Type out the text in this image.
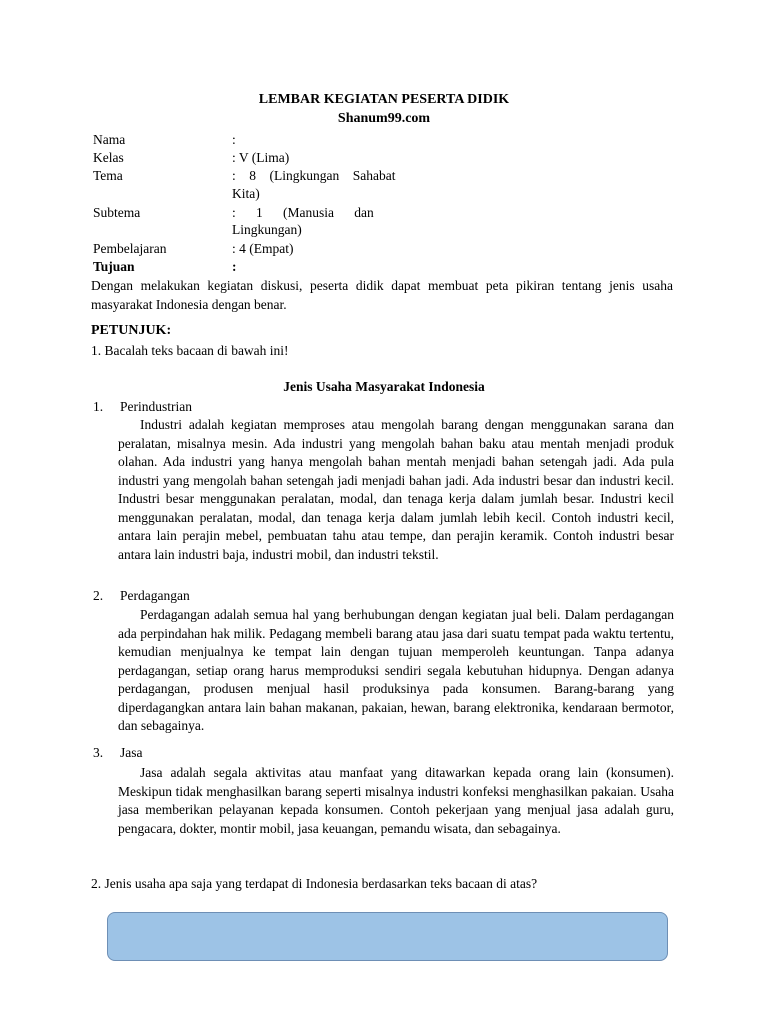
LEMBAR KEGIATAN PESERTA DIDIK
Shanum99.com
Nama	:
Kelas	: V (Lima)
Tema	:    8    (Lingkungan    Sahabat
Kita)
Subtema	:      1      (Manusia      dan
Lingkungan)
Pembelajaran	: 4 (Empat)
Tujuan	:
Dengan melakukan kegiatan diskusi, peserta didik dapat membuat peta pikiran tentang jenis usaha masyarakat Indonesia dengan benar.
PETUNJUK:
1. Bacalah teks bacaan di bawah ini!
Jenis Usaha Masyarakat Indonesia
1. Perindustrian
Industri adalah kegiatan memproses atau mengolah barang dengan menggunakan sarana dan peralatan, misalnya mesin. Ada industri yang mengolah bahan baku atau mentah menjadi produk olahan. Ada industri yang hanya mengolah bahan mentah menjadi bahan setengah jadi. Ada pula industri yang mengolah bahan setengah jadi menjadi bahan jadi. Ada industri besar dan industri kecil. Industri besar menggunakan peralatan, modal, dan tenaga kerja dalam jumlah besar. Industri kecil menggunakan peralatan, modal, dan tenaga kerja dalam jumlah lebih kecil. Contoh industri kecil, antara lain perajin mebel, pembuatan tahu atau tempe, dan perajin keramik. Contoh industri besar antara lain industri baja, industri mobil, dan industri tekstil.
2. Perdagangan
Perdagangan adalah semua hal yang berhubungan dengan kegiatan jual beli. Dalam perdagangan ada perpindahan hak milik. Pedagang membeli barang atau jasa dari suatu tempat pada waktu tertentu, kemudian menjualnya ke tempat lain dengan tujuan memperoleh keuntungan. Tanpa adanya perdagangan, setiap orang harus memproduksi sendiri segala kebutuhan hidupnya. Dengan adanya perdagangan, produsen menjual hasil produksinya pada konsumen. Barang-barang yang diperdagangkan antara lain bahan makanan, pakaian, hewan, barang elektronika, kendaraan bermotor, dan sebagainya.
3. Jasa
Jasa adalah segala aktivitas atau manfaat yang ditawarkan kepada orang lain (konsumen). Meskipun tidak menghasilkan barang seperti misalnya industri konfeksi menghasilkan pakaian. Usaha jasa memberikan pelayanan kepada konsumen. Contoh pekerjaan yang menjual jasa adalah guru, pengacara, dokter, montir mobil, jasa keuangan, pemandu wisata, dan sebagainya.
2. Jenis usaha apa saja yang terdapat di Indonesia berdasarkan teks bacaan di atas?
